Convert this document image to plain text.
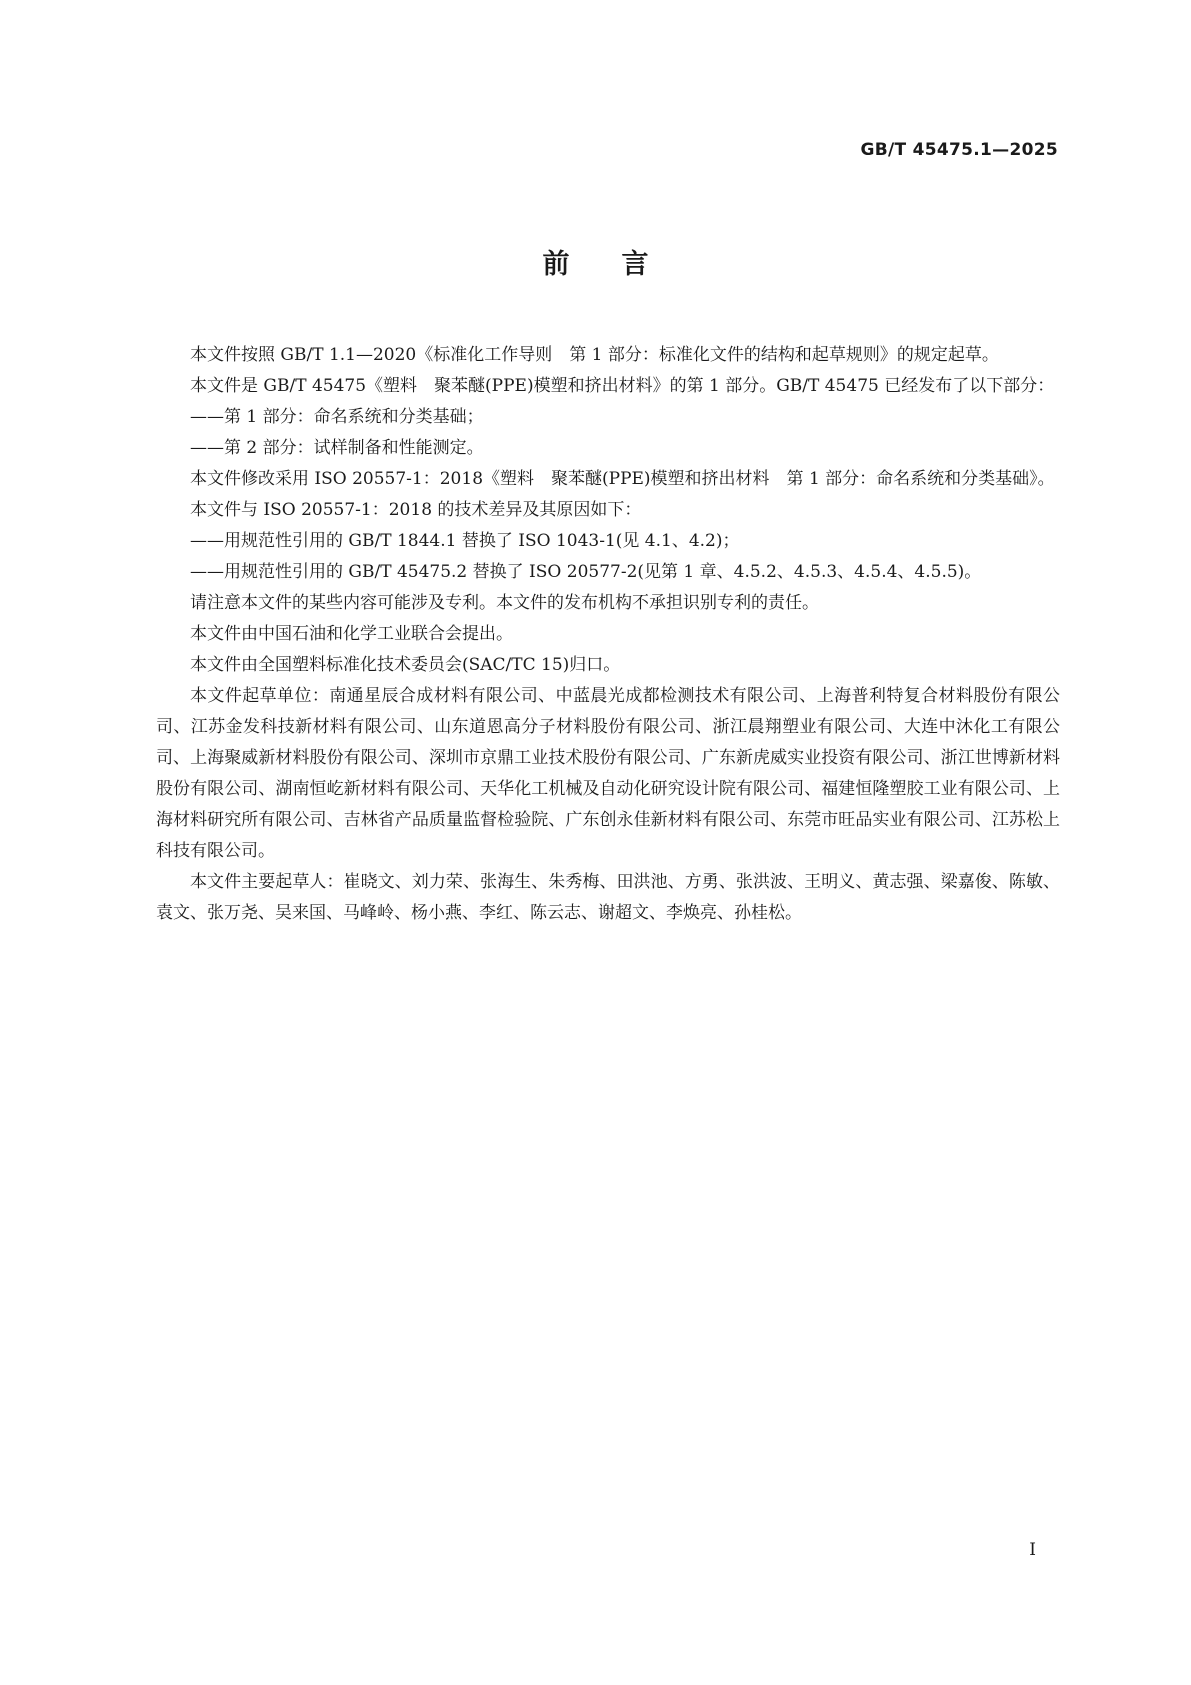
GB/T 45475.1—2025
前言

本文件按照 GB/T 1.1—2020《标准化工作导则　第 1 部分：标准化文件的结构和起草规则》的规定起草。

本文件是 GB/T 45475《塑料　聚苯醚(PPE)模塑和挤出材料》的第 1 部分。GB/T 45475 已经发布了以下部分：

——第 1 部分：命名系统和分类基础；

——第 2 部分：试样制备和性能测定。

本文件修改采用 ISO 20557-1：2018《塑料　聚苯醚(PPE)模塑和挤出材料　第 1 部分：命名系统和分类基础》。

本文件与 ISO 20557-1：2018 的技术差异及其原因如下：

——用规范性引用的 GB/T 1844.1 替换了 ISO 1043-1(见 4.1、4.2)；

——用规范性引用的 GB/T 45475.2 替换了 ISO 20577-2(见第 1 章、4.5.2、4.5.3、4.5.4、4.5.5)。

请注意本文件的某些内容可能涉及专利。本文件的发布机构不承担识别专利的责任。

本文件由中国石油和化学工业联合会提出。

本文件由全国塑料标准化技术委员会(SAC/TC 15)归口。

本文件起草单位：南通星辰合成材料有限公司、中蓝晨光成都检测技术有限公司、上海普利特复合材料股份有限公司、江苏金发科技新材料有限公司、山东道恩高分子材料股份有限公司、浙江晨翔塑业有限公司、大连中沐化工有限公司、上海聚威新材料股份有限公司、深圳市京鼎工业技术股份有限公司、广东新虎威实业投资有限公司、浙江世博新材料股份有限公司、湖南恒屹新材料有限公司、天华化工机械及自动化研究设计院有限公司、福建恒隆塑胶工业有限公司、上海材料研究所有限公司、吉林省产品质量监督检验院、广东创永佳新材料有限公司、东莞市旺品实业有限公司、江苏松上科技有限公司。

本文件主要起草人：崔晓文、刘力荣、张海生、朱秀梅、田洪池、方勇、张洪波、王明义、黄志强、梁嘉俊、陈敏、袁文、张万尧、吴来国、马峰岭、杨小燕、李红、陈云志、谢超文、李焕亮、孙桂松。

I
